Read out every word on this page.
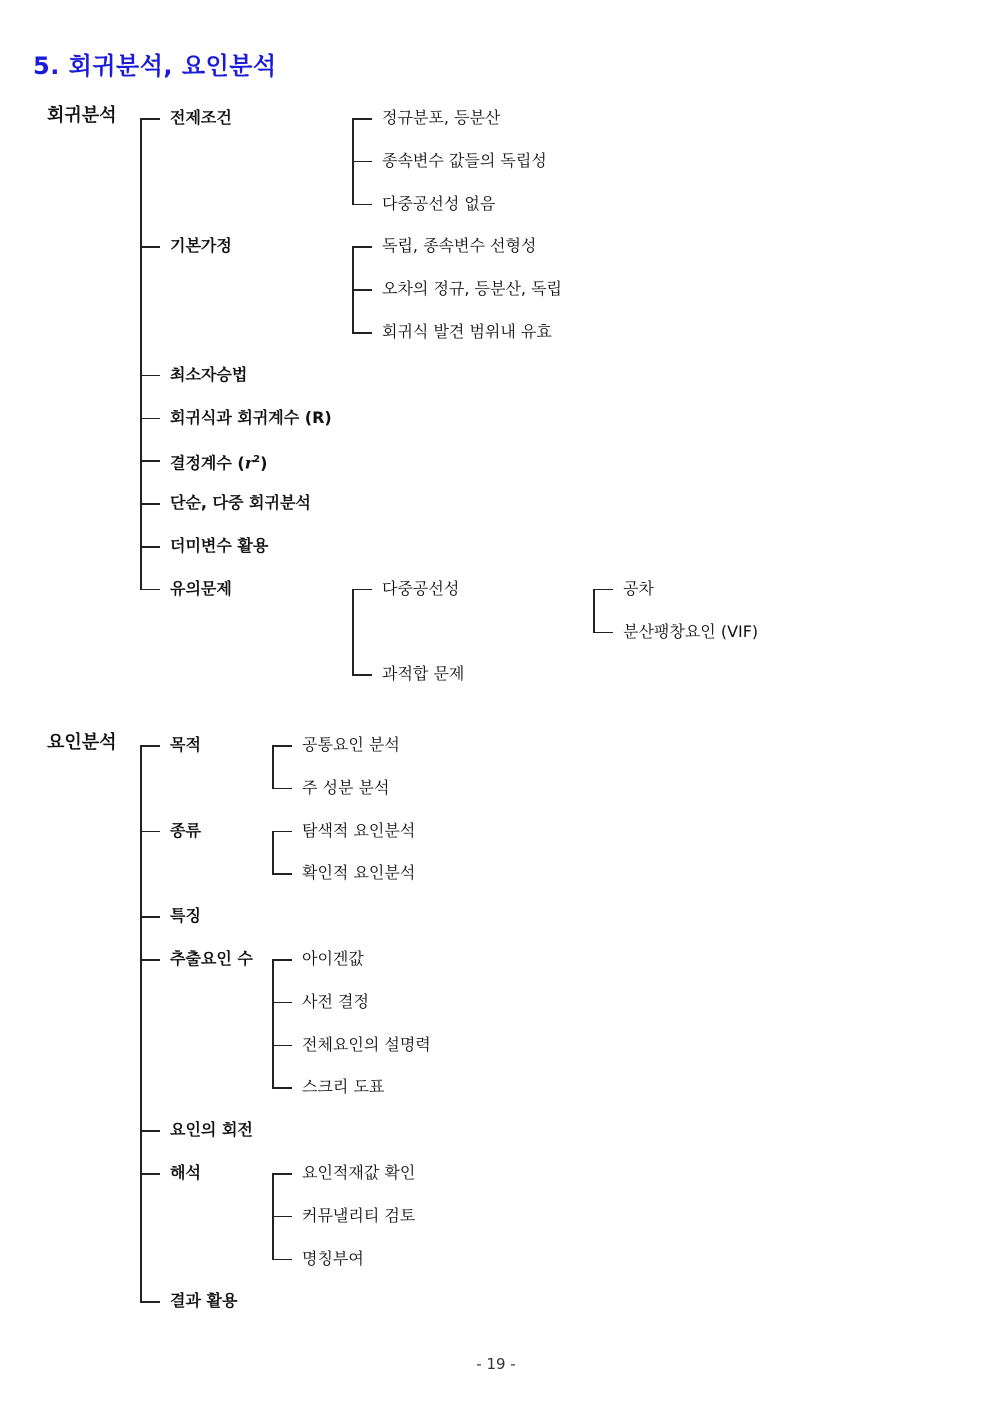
5. 회귀분석, 요인분석
회귀분석	전제조건	정규분포, 등분산
종속변수 값들의 독립성
다중공선성 없음
기본가정	독립, 종속변수 선형성
오차의 정규, 등분산, 독립
회귀식 발견 범위내 유효
최소자승법
회귀식과 회귀계수 (R)
결정계수 $(r^2)$
단순, 다중 회귀분석
더미변수 활용
유의문제	다중공선성	공차
분산팽창요인 (VIF)
과적합 문제
요인분석	목적	공통요인 분석
주 성분 분석
종류	탐색적 요인분석
확인적 요인분석
특징
추출요인 수	아이겐값
사전 결정
전체요인의 설명력
스크리 도표
요인의 회전
해석	요인적재값 확인
커뮤낼리티 검토
명칭부여
결과 활용
- 19 -
